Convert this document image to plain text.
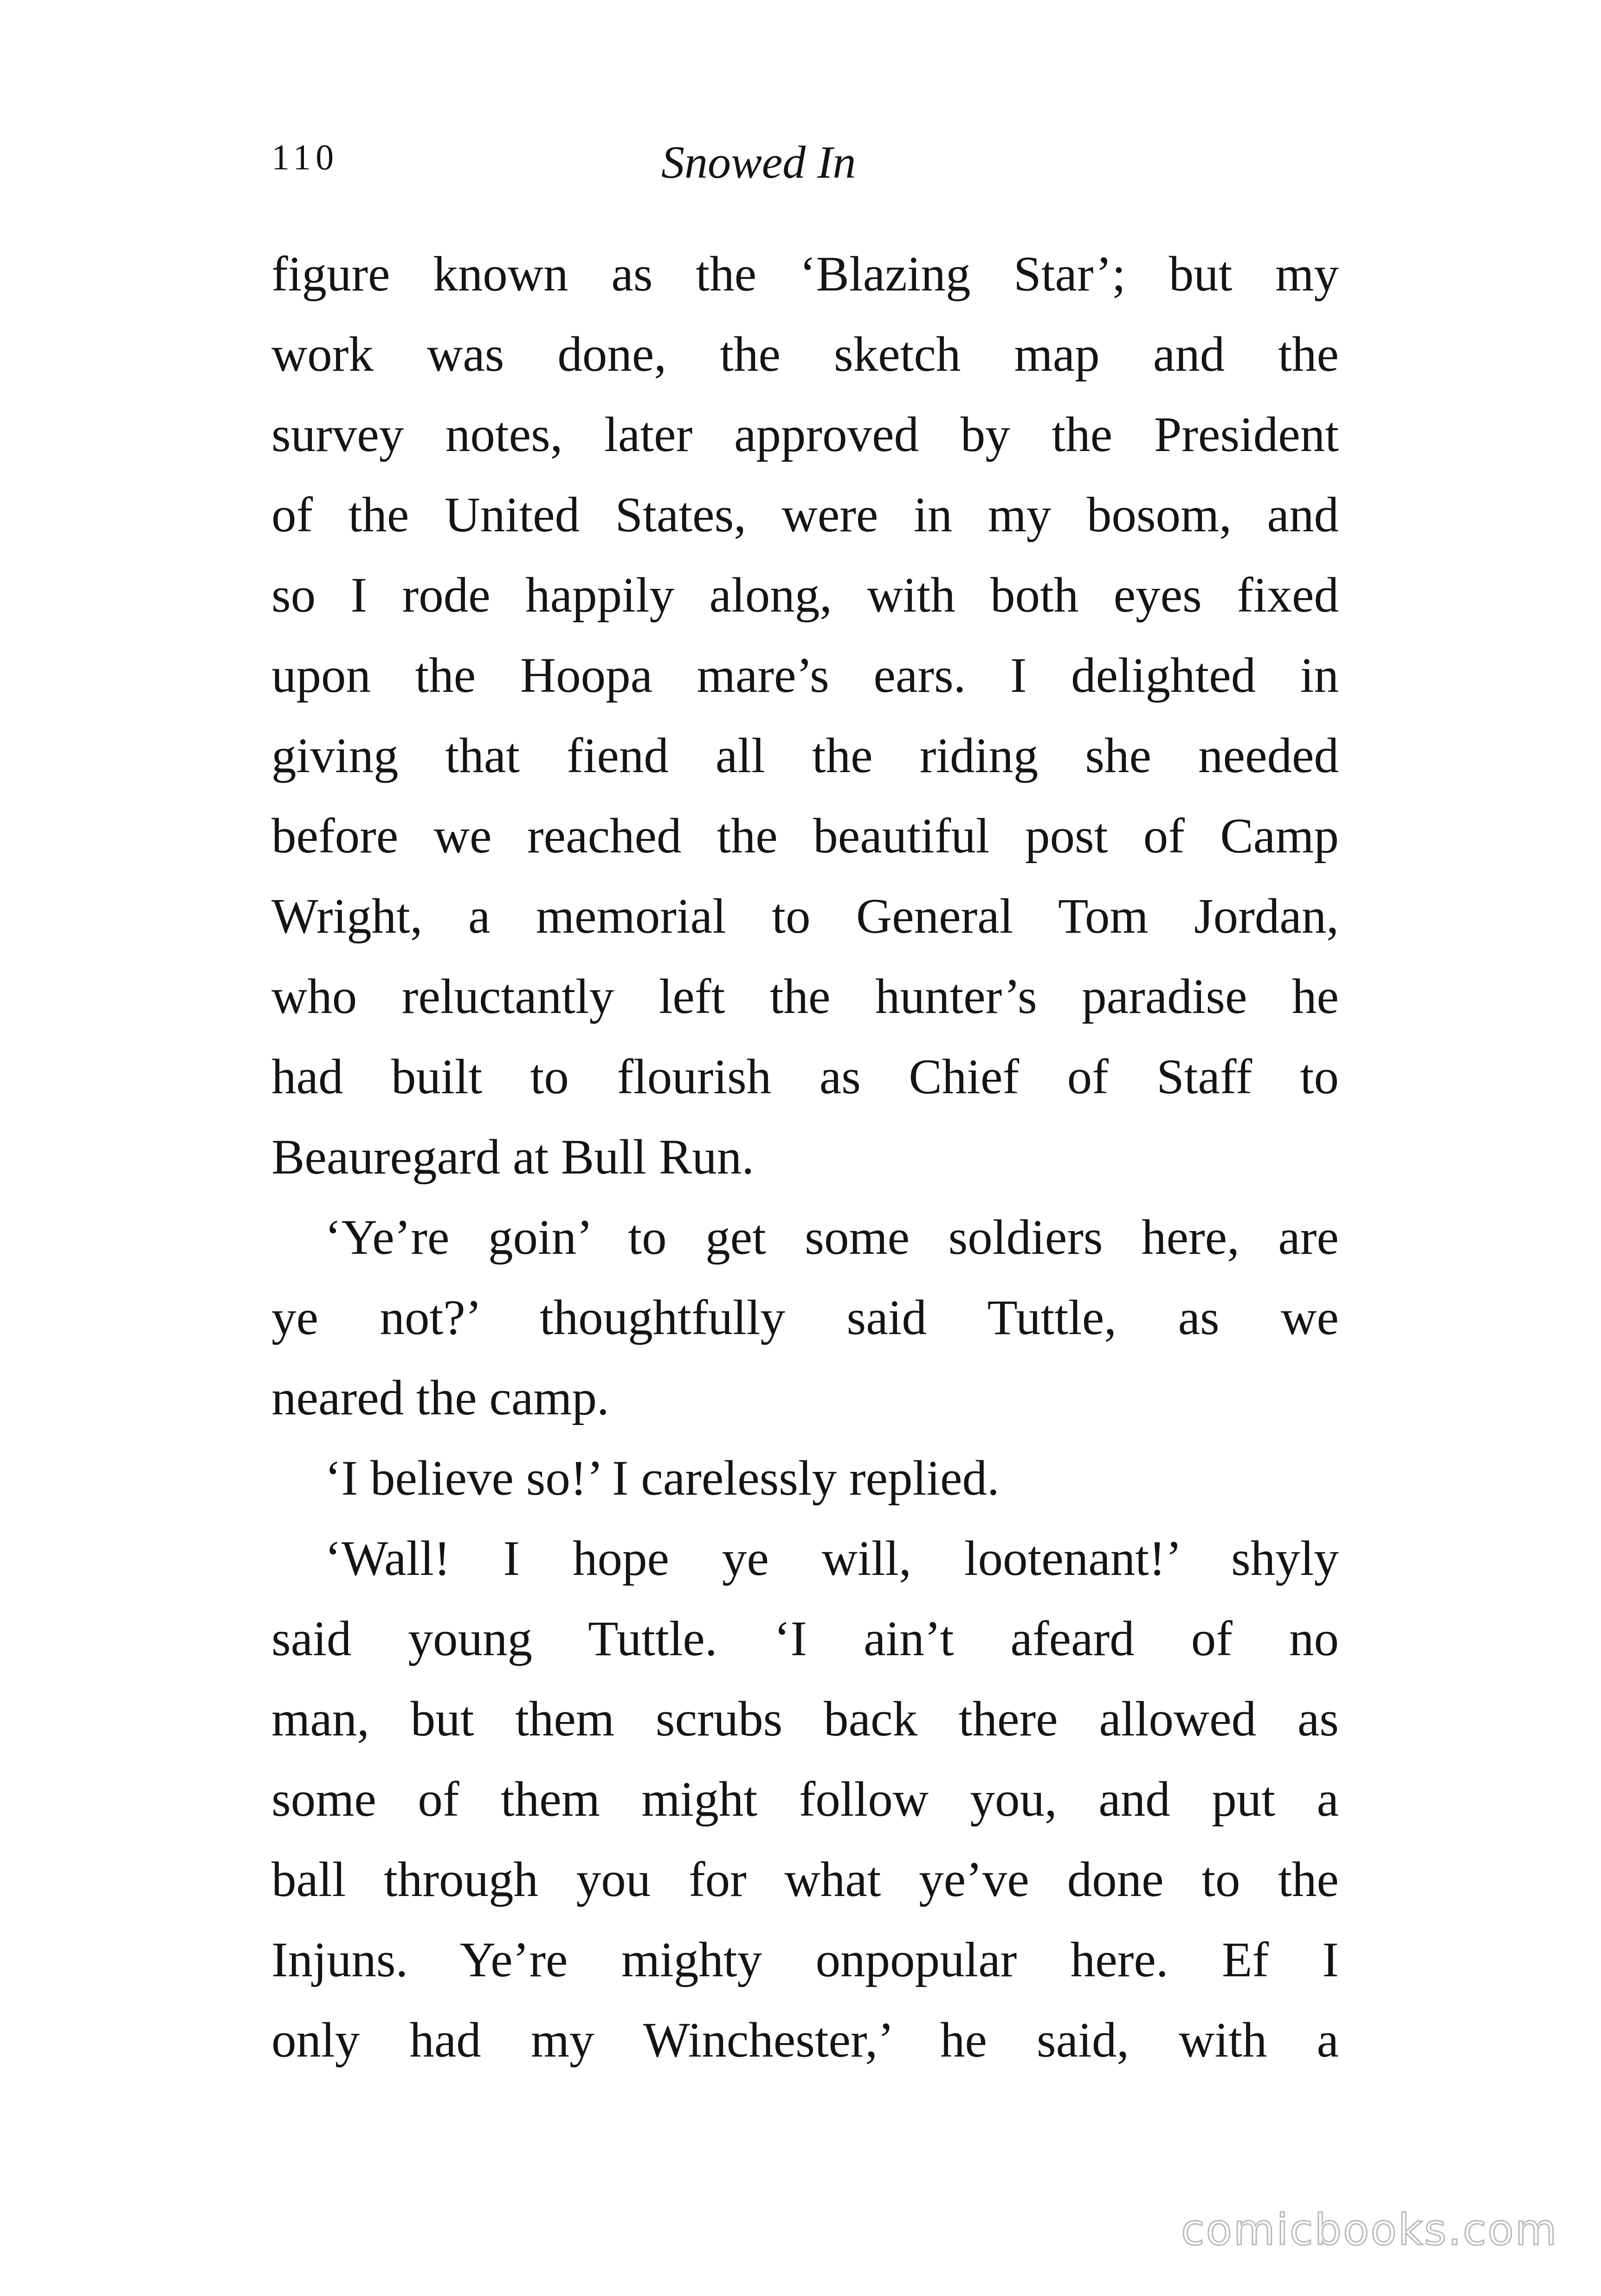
110	Snowed In
figure known as the ‘Blazing Star’; but my
work was done, the sketch map and the
survey notes, later approved by the President
of the United States, were in my bosom, and
so I rode happily along, with both eyes fixed
upon the Hoopa mare’s ears. I delighted in
giving that fiend all the riding she needed
before we reached the beautiful post of Camp
Wright, a memorial to General Tom Jordan,
who reluctantly left the hunter’s paradise he
had built to flourish as Chief of Staff to
Beauregard at Bull Run.
‘Ye’re goin’ to get some soldiers here, are
ye not?’ thoughtfully said Tuttle, as we
neared the camp.
‘I believe so!’ I carelessly replied.
‘Wall! I hope ye will, lootenant!’ shyly
said young Tuttle. ‘I ain’t afeard of no
man, but them scrubs back there allowed as
some of them might follow you, and put a
ball through you for what ye’ve done to the
Injuns. Ye’re mighty onpopular here. Ef I
only had my Winchester,’ he said, with a
comicbooks.com
